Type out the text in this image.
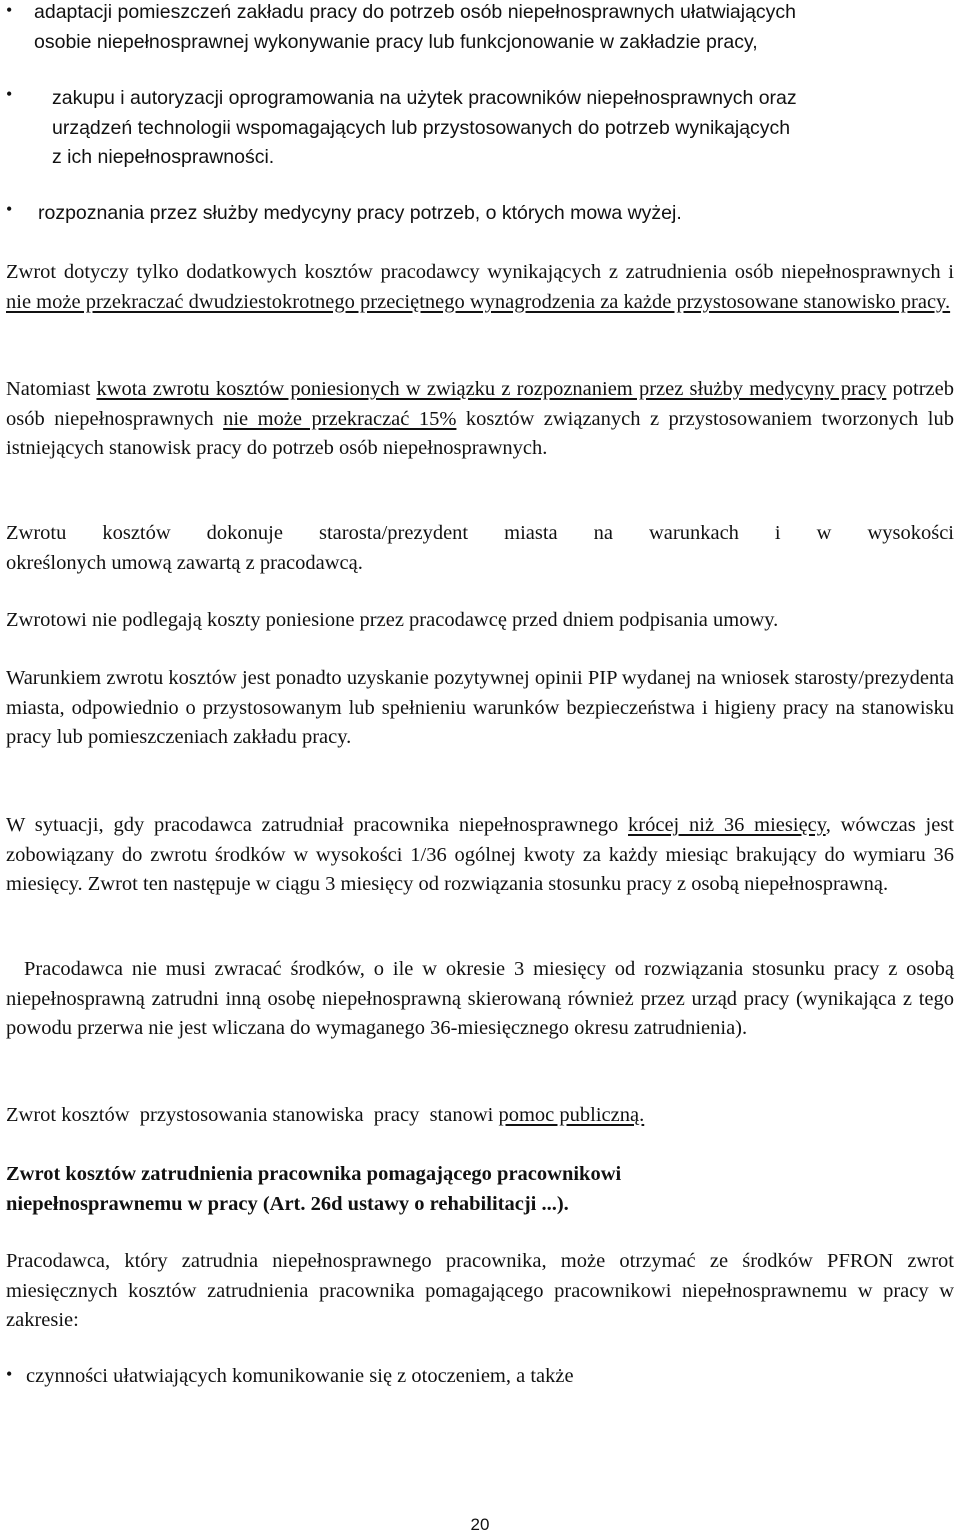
• adaptacji pomieszczeń zakładu pracy do potrzeb osób niepełnosprawnych ułatwiających
osobie niepełnosprawnej wykonywanie pracy lub funkcjonowanie w zakładzie pracy,
• zakupu i autoryzacji oprogramowania na użytek pracowników niepełnosprawnych oraz
urządzeń technologii wspomagających lub przystosowanych do potrzeb wynikających
z ich niepełnosprawności.
• rozpoznania przez służby medycyny pracy potrzeb, o których mowa wyżej.

Zwrot dotyczy tylko dodatkowych kosztów pracodawcy wynikających z zatrudnienia osób niepełnosprawnych i nie może przekraczać dwudziestokrotnego przeciętnego wynagrodzenia za każde przystosowane stanowisko pracy.

Natomiast kwota zwrotu kosztów poniesionych w związku z rozpoznaniem przez służby medycyny pracy potrzeb osób niepełnosprawnych nie może przekraczać 15% kosztów związanych z przystosowaniem tworzonych lub istniejących stanowisk pracy do potrzeb osób niepełnosprawnych.

Zwrotu kosztów dokonuje starosta/prezydent miasta na warunkach i w wysokości
określonych umową zawartą z pracodawcą.

Zwrotowi nie podlegają koszty poniesione przez pracodawcę przed dniem podpisania umowy.

Warunkiem zwrotu kosztów jest ponadto uzyskanie pozytywnej opinii PIP wydanej na wniosek starosty/prezydenta miasta, odpowiednio o przystosowanym lub spełnieniu warunków bezpieczeństwa i higieny pracy na stanowisku pracy lub pomieszczeniach zakładu pracy.

W sytuacji, gdy pracodawca zatrudniał pracownika niepełnosprawnego krócej niż 36 miesięcy, wówczas jest zobowiązany do zwrotu środków w wysokości 1/36 ogólnej kwoty za każdy miesiąc brakujący do wymiaru 36 miesięcy. Zwrot ten następuje w ciągu 3 miesięcy od rozwiązania stosunku pracy z osobą niepełnosprawną.

Pracodawca nie musi zwracać środków, o ile w okresie 3 miesięcy od rozwiązania stosunku pracy z osobą niepełnosprawną zatrudni inną osobę niepełnosprawną skierowaną również przez urząd pracy (wynikająca z tego powodu przerwa nie jest wliczana do wymaganego 36-miesięcznego okresu zatrudnienia).

Zwrot kosztów  przystosowania stanowiska  pracy  stanowi pomoc publiczną.

Zwrot kosztów zatrudnienia pracownika pomagającego pracownikowi
niepełnosprawnemu w pracy (Art. 26d ustawy o rehabilitacji ...).

Pracodawca, który zatrudnia niepełnosprawnego pracownika, może otrzymać ze środków PFRON zwrot miesięcznych kosztów zatrudnienia pracownika pomagającego pracownikowi niepełnosprawnemu w pracy w zakresie:

• czynności ułatwiających komunikowanie się z otoczeniem, a także
20
